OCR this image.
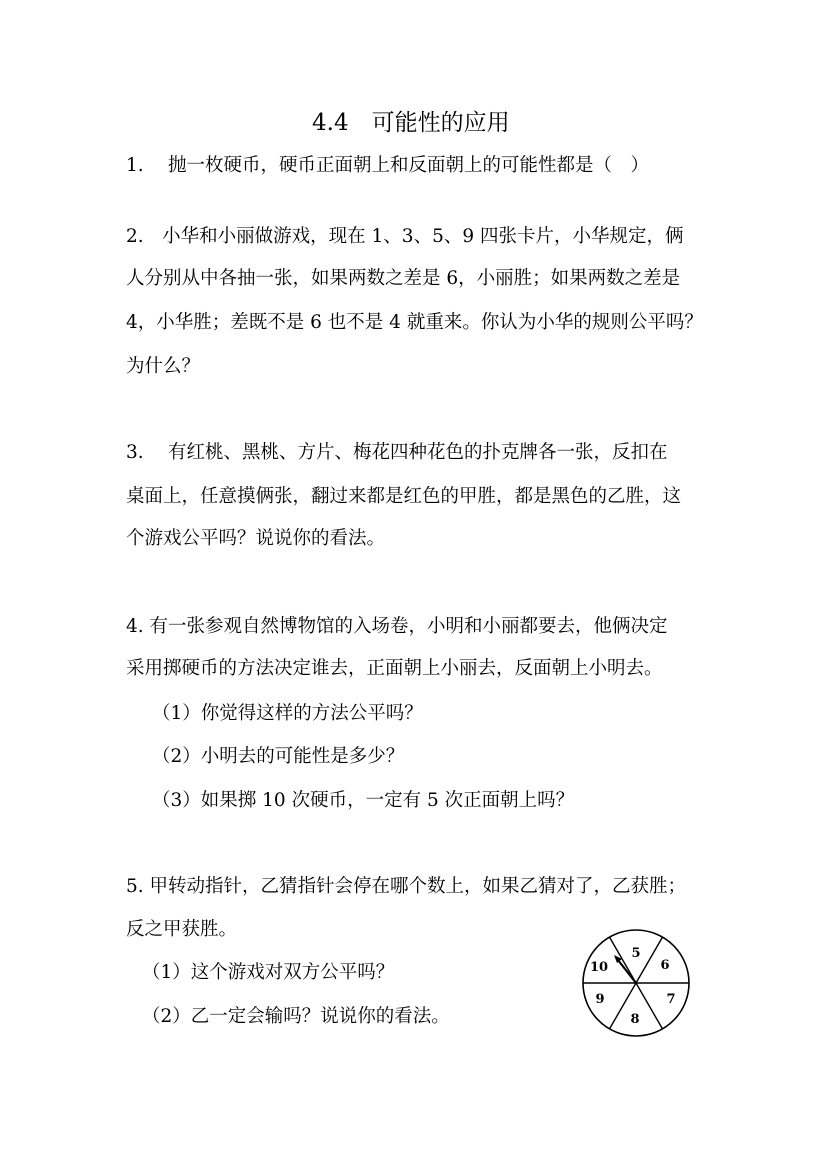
4.4　可能性的应用
1.　 抛一枚硬币，硬币正面朝上和反面朝上的可能性都是（　）
2.　小华和小丽做游戏，现在 1、3、5、9 四张卡片，小华规定，俩
人分别从中各抽一张，如果两数之差是 6，小丽胜；如果两数之差是
4，小华胜；差既不是 6 也不是 4 就重来。你认为小华的规则公平吗？
为什么？
3.　 有红桃、黑桃、方片、梅花四种花色的扑克牌各一张，反扣在
桌面上，任意摸俩张，翻过来都是红色的甲胜，都是黑色的乙胜，这
个游戏公平吗？说说你的看法。
4. 有一张参观自然博物馆的入场卷，小明和小丽都要去，他俩决定
采用掷硬币的方法决定谁去，正面朝上小丽去，反面朝上小明去。
（1）你觉得这样的方法公平吗？
（2）小明去的可能性是多少？
（3）如果掷 10 次硬币，一定有 5 次正面朝上吗？
5. 甲转动指针，乙猜指针会停在哪个数上，如果乙猜对了，乙获胜；
反之甲获胜。
（1）这个游戏对双方公平吗？
（2）乙一定会输吗？说说你的看法。
5
6
7
8
9
10
